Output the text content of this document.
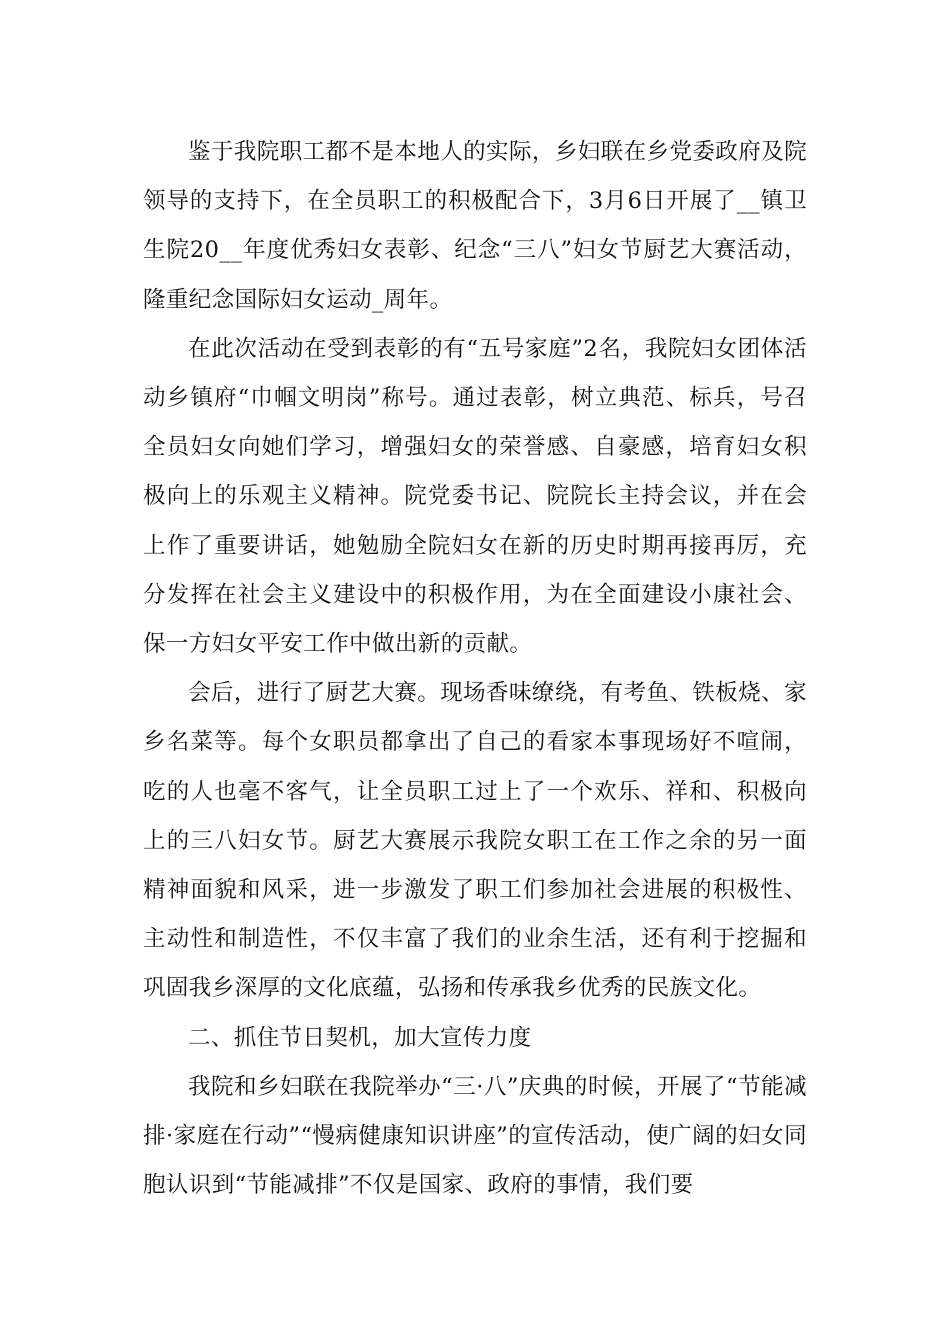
鉴于我院职工都不是本地人的实际，乡妇联在乡党委政府及院领导的支持下，在全员职工的积极配合下，3月6日开展了__镇卫生院20__年度优秀妇女表彰、纪念“三八”妇女节厨艺大赛活动，隆重纪念国际妇女运动_周年。

在此次活动在受到表彰的有“五号家庭”2名，我院妇女团体活动乡镇府“巾帼文明岗”称号。通过表彰，树立典范、标兵，号召全员妇女向她们学习，增强妇女的荣誉感、自豪感，培育妇女积极向上的乐观主义精神。院党委书记、院院长主持会议，并在会上作了重要讲话，她勉励全院妇女在新的历史时期再接再厉，充分发挥在社会主义建设中的积极作用，为在全面建设小康社会、保一方妇女平安工作中做出新的贡献。

会后，进行了厨艺大赛。现场香味缭绕，有考鱼、铁板烧、家乡名菜等。每个女职员都拿出了自己的看家本事现场好不喧闹，吃的人也毫不客气，让全员职工过上了一个欢乐、祥和、积极向上的三八妇女节。厨艺大赛展示我院女职工在工作之余的另一面精神面貌和风采，进一步激发了职工们参加社会进展的积极性、主动性和制造性，不仅丰富了我们的业余生活，还有利于挖掘和巩固我乡深厚的文化底蕴，弘扬和传承我乡优秀的民族文化。

二、抓住节日契机，加大宣传力度

我院和乡妇联在我院举办“三·八”庆典的时候，开展了“节能减排·家庭在行动”“慢病健康知识讲座”的宣传活动，使广阔的妇女同胞认识到“节能减排”不仅是国家、政府的事情，我们要
